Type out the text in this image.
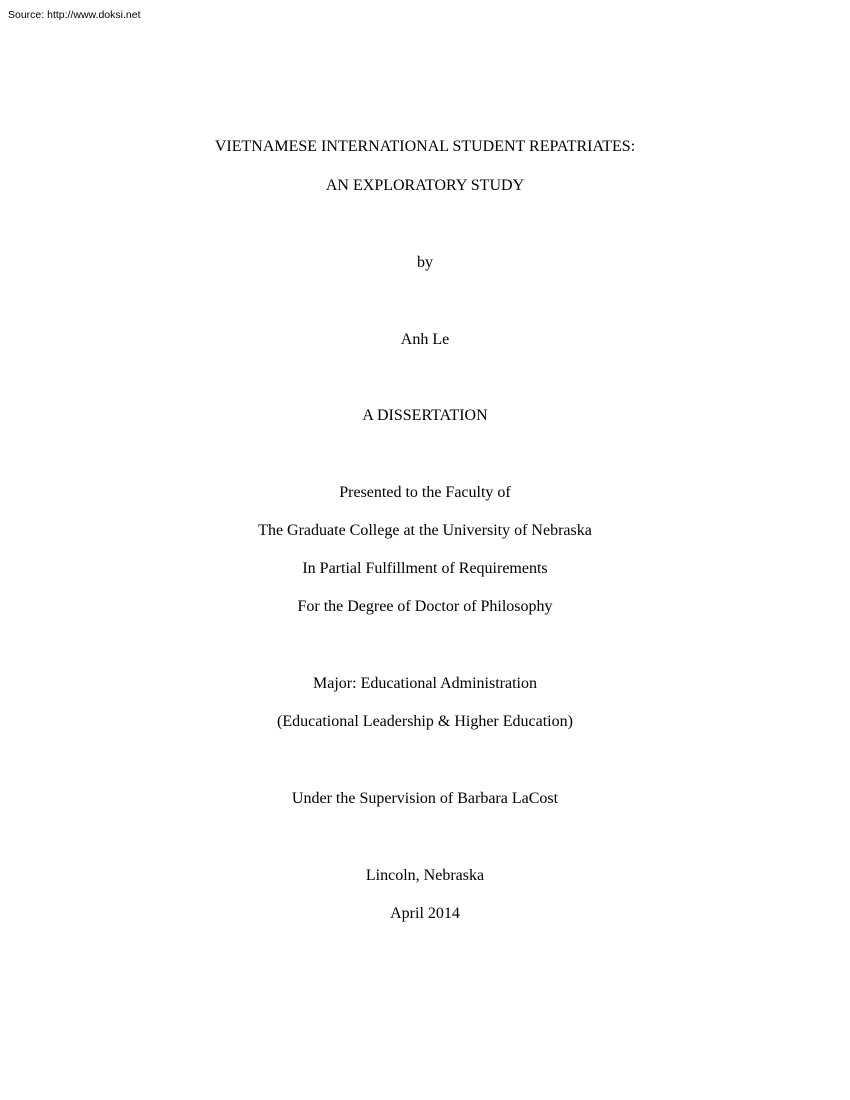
Source: http://www.doksi.net
VIETNAMESE INTERNATIONAL STUDENT REPATRIATES:
AN EXPLORATORY STUDY
by
Anh Le
A DISSERTATION
Presented to the Faculty of
The Graduate College at the University of Nebraska
In Partial Fulfillment of Requirements
For the Degree of Doctor of Philosophy
Major: Educational Administration
(Educational Leadership & Higher Education)
Under the Supervision of Barbara LaCost
Lincoln, Nebraska
April 2014
